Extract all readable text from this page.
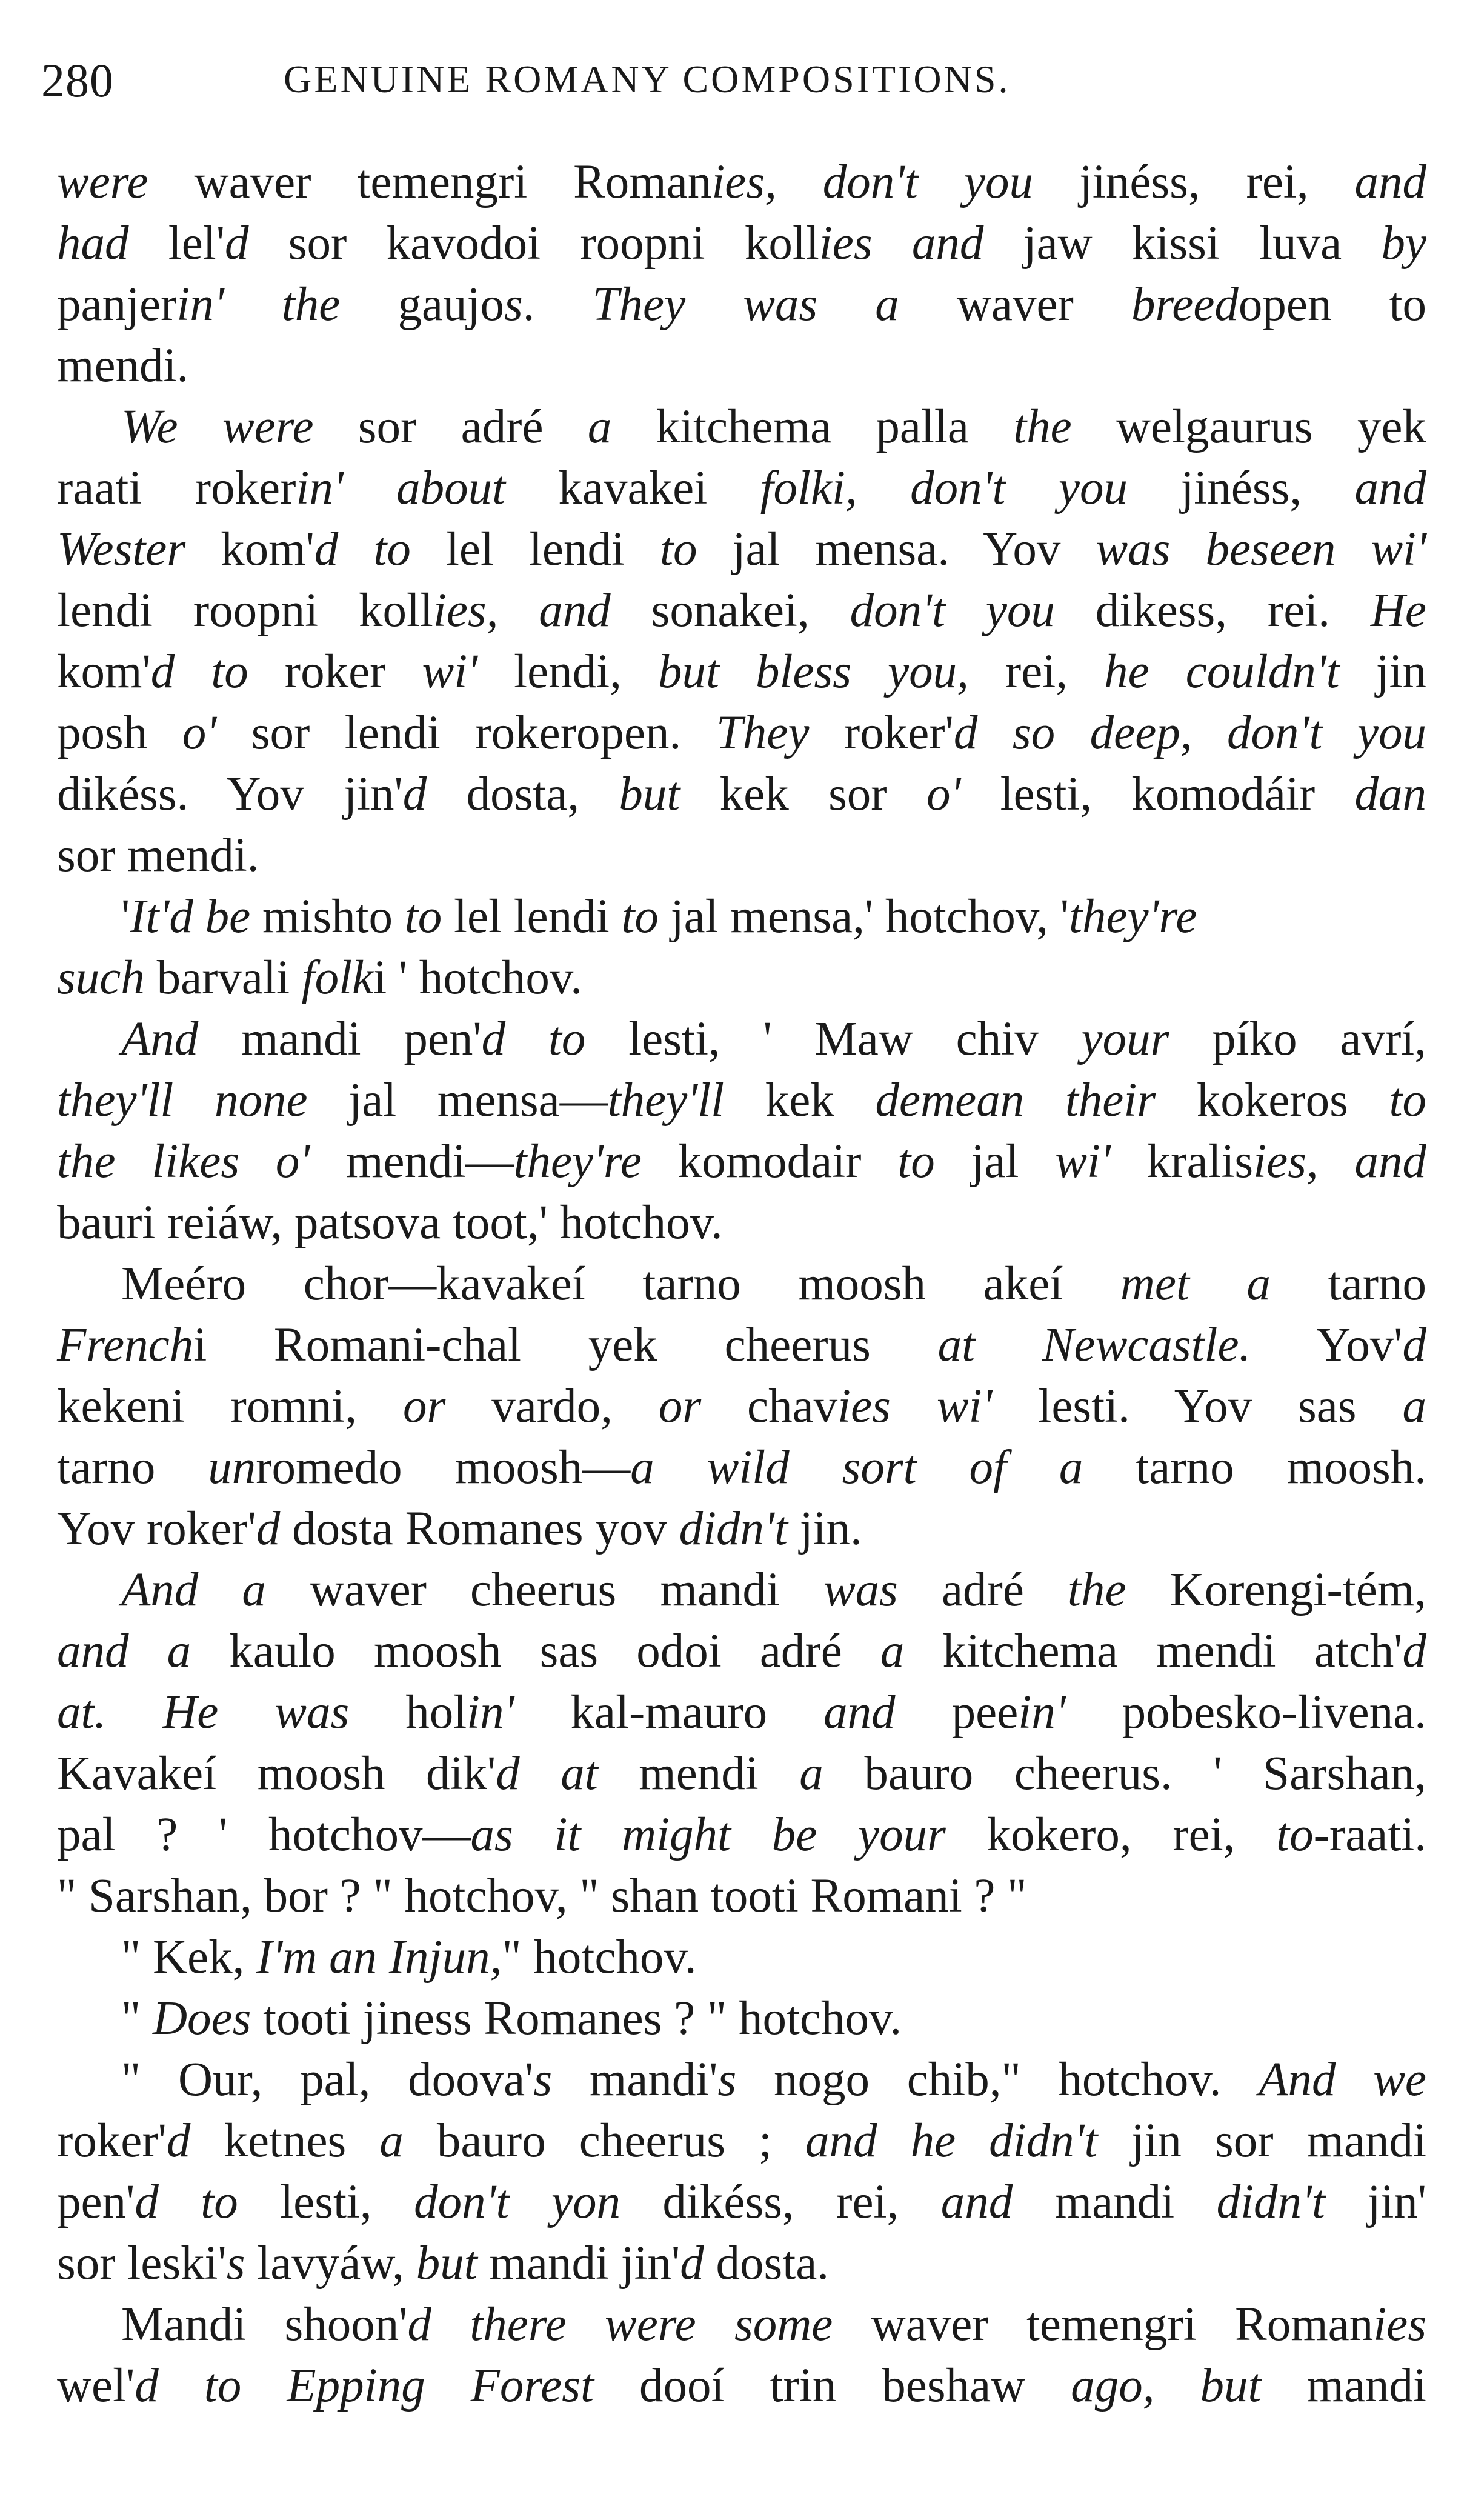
280	GENUINE ROMANY COMPOSITIONS.
were waver temengri Romanies, don't you jinéss, rei, and
had lel'd sor kavodoi roopni kollies and jaw kissi luva by
panjerin' the gaujos. They was a waver breedopen to
mendi.
We were sor adré a kitchema palla the welgaurus yek
raati rokerin' about kavakei folki, don't you jinéss, and
Wester kom'd to lel lendi to jal mensa. Yov was beseen wi'
lendi roopni kollies, and sonakei, don't you dikess, rei. He
kom'd to roker wi' lendi, but bless you, rei, he couldn't jin
posh o' sor lendi rokeropen. They roker'd so deep, don't you
dikéss. Yov jin'd dosta, but kek sor o' lesti, komodáir dan
sor mendi.
'It'd be mishto to lel lendi to jal mensa,' hotchov, 'they're
such barvali folki ' hotchov.
And mandi pen'd to lesti, ' Maw chiv your píko avrí,
they'll none jal mensa—they'll kek demean their kokeros to
the likes o' mendi—they're komodair to jal wi' kralisies, and
bauri reiáw, patsova toot,' hotchov.
Meéro chor—kavakeí tarno moosh akeí met a tarno
Frenchi Romani-chal yek cheerus at Newcastle. Yov'd
kekeni romni, or vardo, or chavies wi' lesti. Yov sas a
tarno unromedo moosh—a wild sort of a tarno moosh.
Yov roker'd dosta Romanes yov didn't jin.
And a waver cheerus mandi was adré the Korengi-tém,
and a kaulo moosh sas odoi adré a kitchema mendi atch'd
at. He was holin' kal-mauro and peein' pobesko-livena.
Kavakeí moosh dik'd at mendi a bauro cheerus. ' Sarshan,
pal ? ' hotchov—as it might be your kokero, rei, to-raati.
" Sarshan, bor ? " hotchov, " shan tooti Romani ? "
" Kek, I'm an Injun," hotchov.
" Does tooti jiness Romanes ? " hotchov.
" Our, pal, doova's mandi's nogo chib," hotchov. And we
roker'd ketnes a bauro cheerus ; and he didn't jin sor mandi
pen'd to lesti, don't yon dikéss, rei, and mandi didn't jin'
sor leski's lavyáw, but mandi jin'd dosta.
Mandi shoon'd there were some waver temengri Romanies
wel'd to Epping Forest dooí trin beshaw ago, but mandi
